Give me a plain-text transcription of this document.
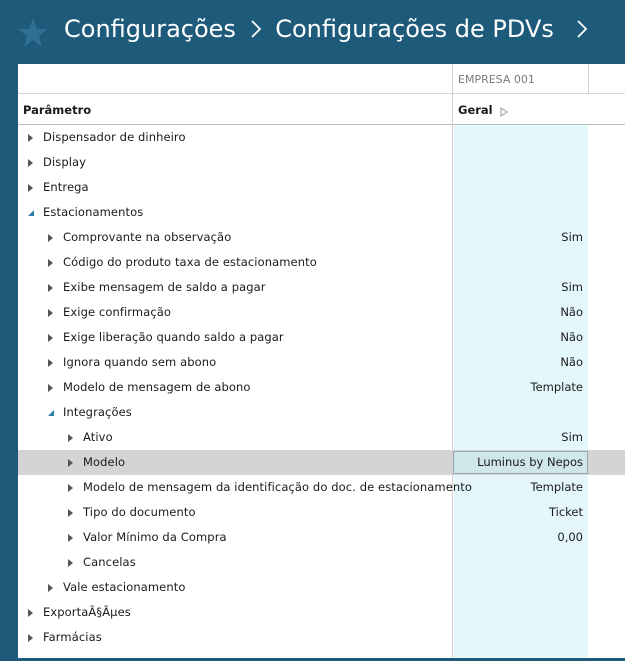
Configurações Configurações de PDVs
EMPRESA 001
Parâmetro	Geral
Dispensador de dinheiro
Display
Entrega
Estacionamentos
Comprovante na observação	Sim
Código do produto taxa de estacionamento
Exibe mensagem de saldo a pagar	Sim
Exige confirmação	Não
Exige liberação quando saldo a pagar	Não
Ignora quando sem abono	Não
Modelo de mensagem de abono	Template
Integrações
Ativo	Sim
Modelo	Luminus by Nepos
Modelo de mensagem da identificação do doc. de estacionamento	Template
Tipo do documento	Ticket
Valor Mínimo da Compra	0,00
Cancelas
Vale estacionamento
ExportaÃ§Ãµes
Farmácias
